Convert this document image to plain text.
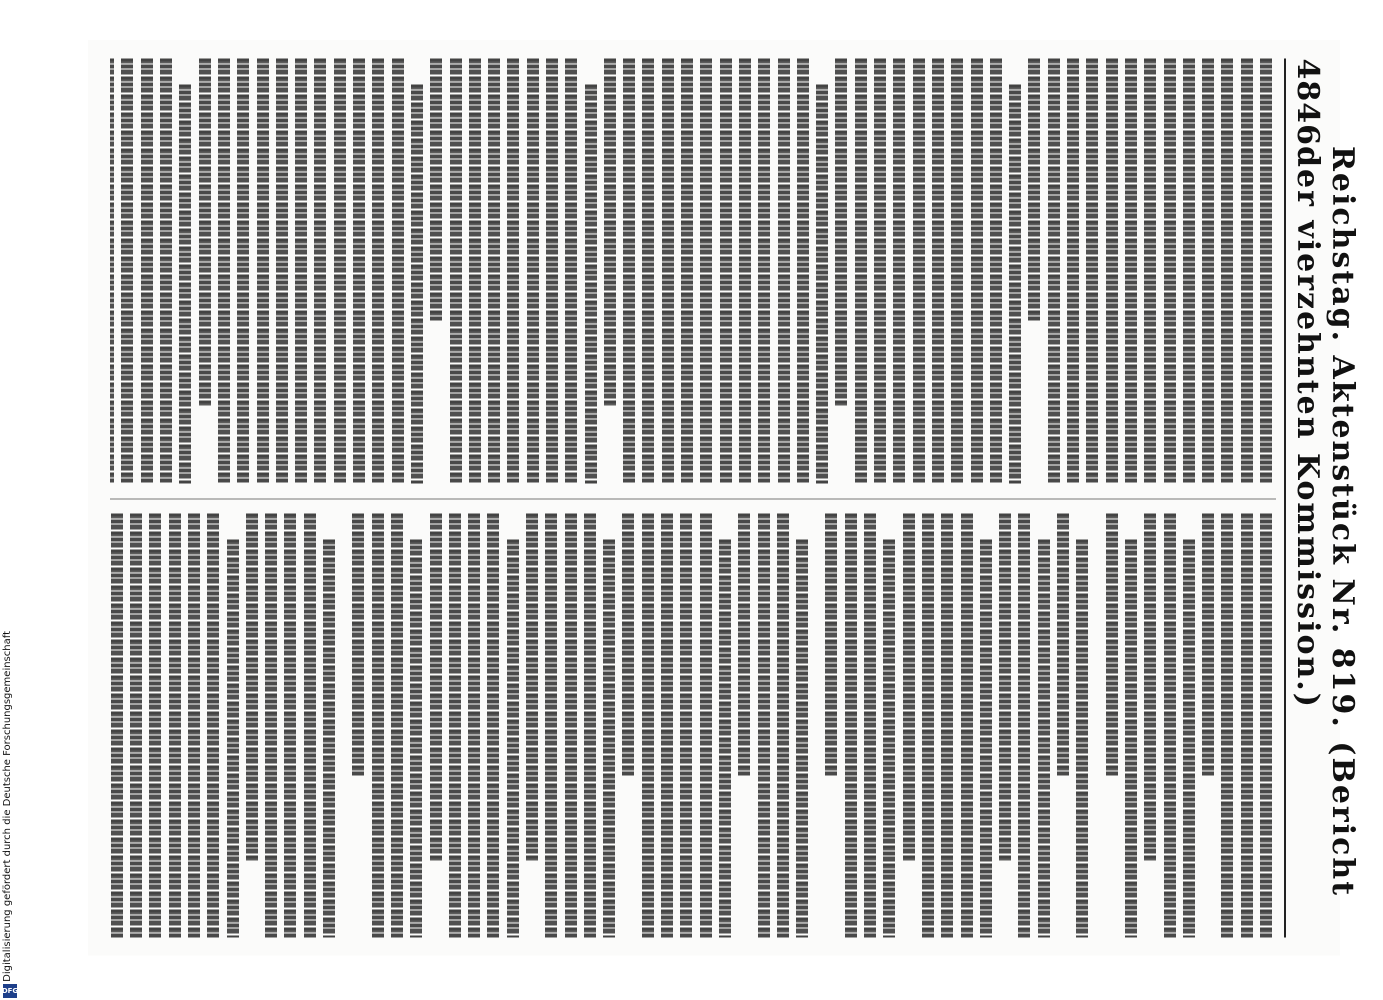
Digitalisierung gefördert durch die Deutsche Forschungsgemeinschaft
DFG
4846
Reichstag. Aktenstück Nr. 819. (Bericht der vierzehnten Kommission.)
